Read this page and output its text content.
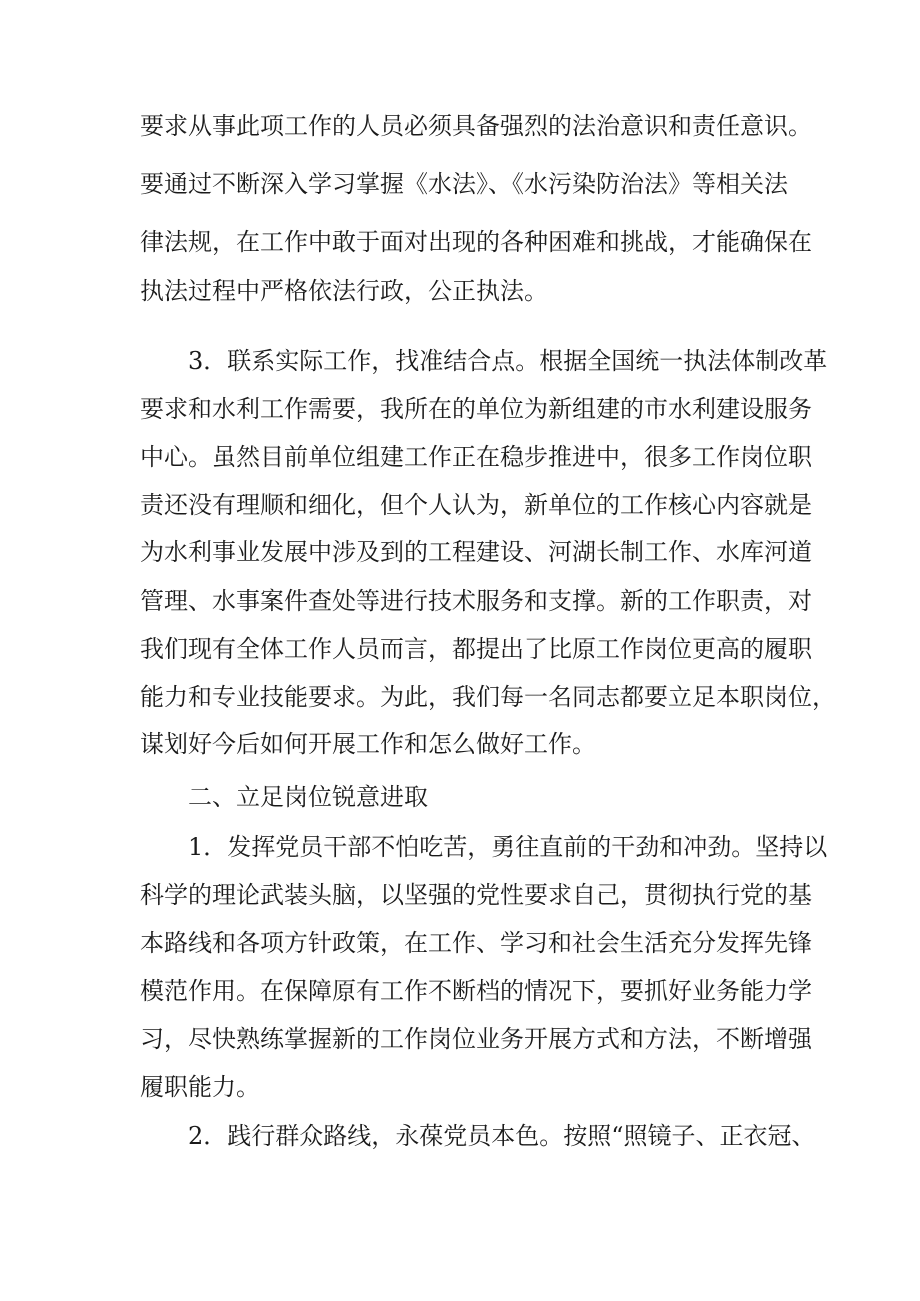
要求从事此项工作的人员必须具备强烈的法治意识和责任意识。
要通过不断深入学习掌握《水法》、《水污染防治法》等相关法
律法规，在工作中敢于面对出现的各种困难和挑战，才能确保在
执法过程中严格依法行政，公正执法。
3．联系实际工作，找准结合点。根据全国统一执法体制改革
要求和水利工作需要，我所在的单位为新组建的市水利建设服务
中心。虽然目前单位组建工作正在稳步推进中，很多工作岗位职
责还没有理顺和细化，但个人认为，新单位的工作核心内容就是
为水利事业发展中涉及到的工程建设、河湖长制工作、水库河道
管理、水事案件查处等进行技术服务和支撑。新的工作职责，对
我们现有全体工作人员而言，都提出了比原工作岗位更高的履职
能力和专业技能要求。为此，我们每一名同志都要立足本职岗位，
谋划好今后如何开展工作和怎么做好工作。
二、立足岗位锐意进取
1．发挥党员干部不怕吃苦，勇往直前的干劲和冲劲。坚持以
科学的理论武装头脑，以坚强的党性要求自己，贯彻执行党的基
本路线和各项方针政策，在工作、学习和社会生活充分发挥先锋
模范作用。在保障原有工作不断档的情况下，要抓好业务能力学
习，尽快熟练掌握新的工作岗位业务开展方式和方法，不断增强
履职能力。
2．践行群众路线，永葆党员本色。按照“照镜子、正衣冠、
